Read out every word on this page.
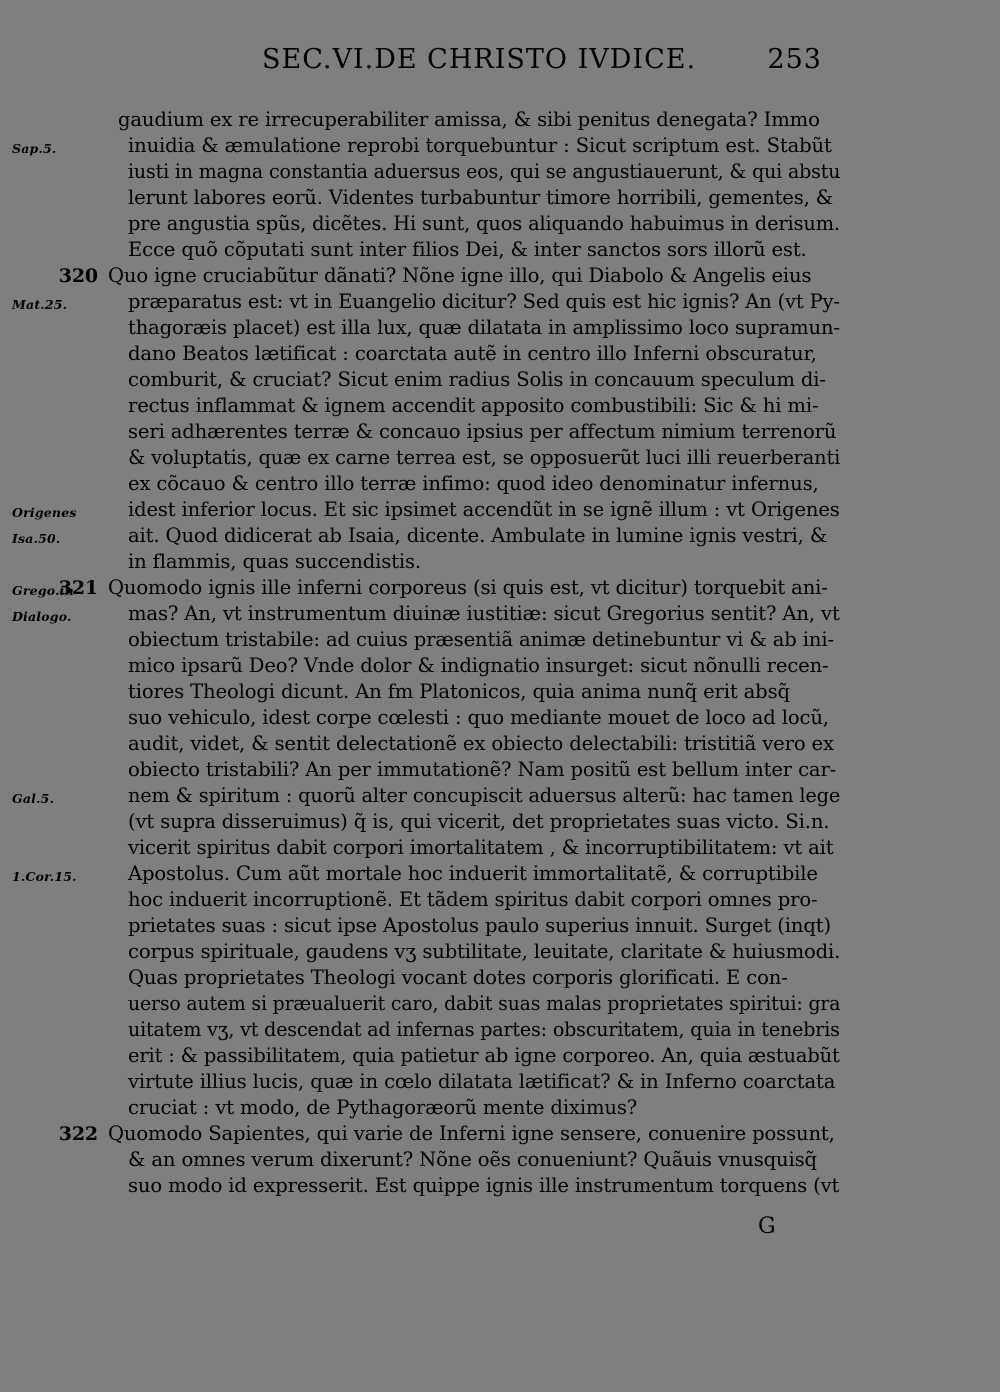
SEC.VI.DE CHRISTO IVDICE.	253
gaudium ex re irrecuperabiliter amissa, & sibi penitus denegata? Immo
Sap.5.	inuidia & æmulatione reprobi torquebuntur : Sicut scriptum est. Stabũt
iusti in magna constantia aduersus eos, qui se angustiauerunt, & qui abstu
lerunt labores eorũ. Videntes turbabuntur timore horribili, gementes, &
pre angustia spũs, dicẽtes. Hi sunt, quos aliquando habuimus in derisum.
Ecce quõ cõputati sunt inter filios Dei, & inter sanctos sors illorũ est.
320 Quo igne cruciabũtur dãnati? Nõne igne illo, qui Diabolo & Angelis eius
Mat.25.	præparatus est: vt in Euangelio dicitur? Sed quis est hic ignis? An (vt Py-
thagoræis placet) est illa lux, quæ dilatata in amplissimo loco supramun-
dano Beatos lætificat : coarctata autẽ in centro illo Inferni obscuratur,
comburit, & cruciat? Sicut enim radius Solis in concauum speculum di-
rectus inflammat & ignem accendit apposito combustibili: Sic & hi mi-
seri adhærentes terræ & concauo ipsius per affectum nimium terrenorũ
& voluptatis, quæ ex carne terrea est, se opposuerũt luci illi reuerberanti
ex cõcauo & centro illo terræ infimo: quod ideo denominatur infernus,
Origenes	idest inferior locus. Et sic ipsimet accendũt in se ignẽ illum : vt Origenes
Isa.50.	ait. Quod didicerat ab Isaia, dicente. Ambulate in lumine ignis vestri, &
in flammis, quas succendistis.
Grego.in
321 Quomodo ignis ille inferni corporeus (si quis est, vt dicitur) torquebit ani-
Dialogo.	mas? An, vt instrumentum diuinæ iustitiæ: sicut Gregorius sentit? An, vt
obiectum tristabile: ad cuius præsentiã animæ detinebuntur vi & ab ini-
mico ipsarũ Deo? Vnde dolor & indignatio insurget: sicut nõnulli recen-
tiores Theologi dicunt. An fm Platonicos, quia anima nunq̃ erit absq̃
suo vehiculo, idest corpe cœlesti : quo mediante mouet de loco ad locũ,
audit, videt, & sentit delectationẽ ex obiecto delectabili: tristitiã vero ex
obiecto tristabili? An per immutationẽ? Nam positũ est bellum inter car-
Gal.5.	nem & spiritum : quorũ alter concupiscit aduersus alterũ: hac tamen lege
(vt supra disseruimus) q̃ is, qui vicerit, det proprietates suas victo. Si.n.
vicerit spiritus dabit corpori imortalitatem , & incorruptibilitatem: vt ait
1.Cor.15.	Apostolus. Cum aũt mortale hoc induerit immortalitatẽ, & corruptibile
hoc induerit incorruptionẽ. Et tãdem spiritus dabit corpori omnes pro-
prietates suas : sicut ipse Apostolus paulo superius innuit. Surget (inqt)
corpus spirituale, gaudens vʒ subtilitate, leuitate, claritate & huiusmodi.
Quas proprietates Theologi vocant dotes corporis glorificati. E con-
uerso autem si præualuerit caro, dabit suas malas proprietates spiritui: gra
uitatem vʒ, vt descendat ad infernas partes: obscuritatem, quia in tenebris
erit : & passibilitatem, quia patietur ab igne corporeo. An, quia æstuabũt
virtute illius lucis, quæ in cœlo dilatata lætificat? & in Inferno coarctata
cruciat : vt modo, de Pythagoræorũ mente diximus?
322 Quomodo Sapientes, qui varie de Inferni igne sensere, conuenire possunt,
& an omnes verum dixerunt? Nõne oẽs conueniunt? Quãuis vnusquisq̃
suo modo id expresserit. Est quippe ignis ille instrumentum torquens (vt
G
